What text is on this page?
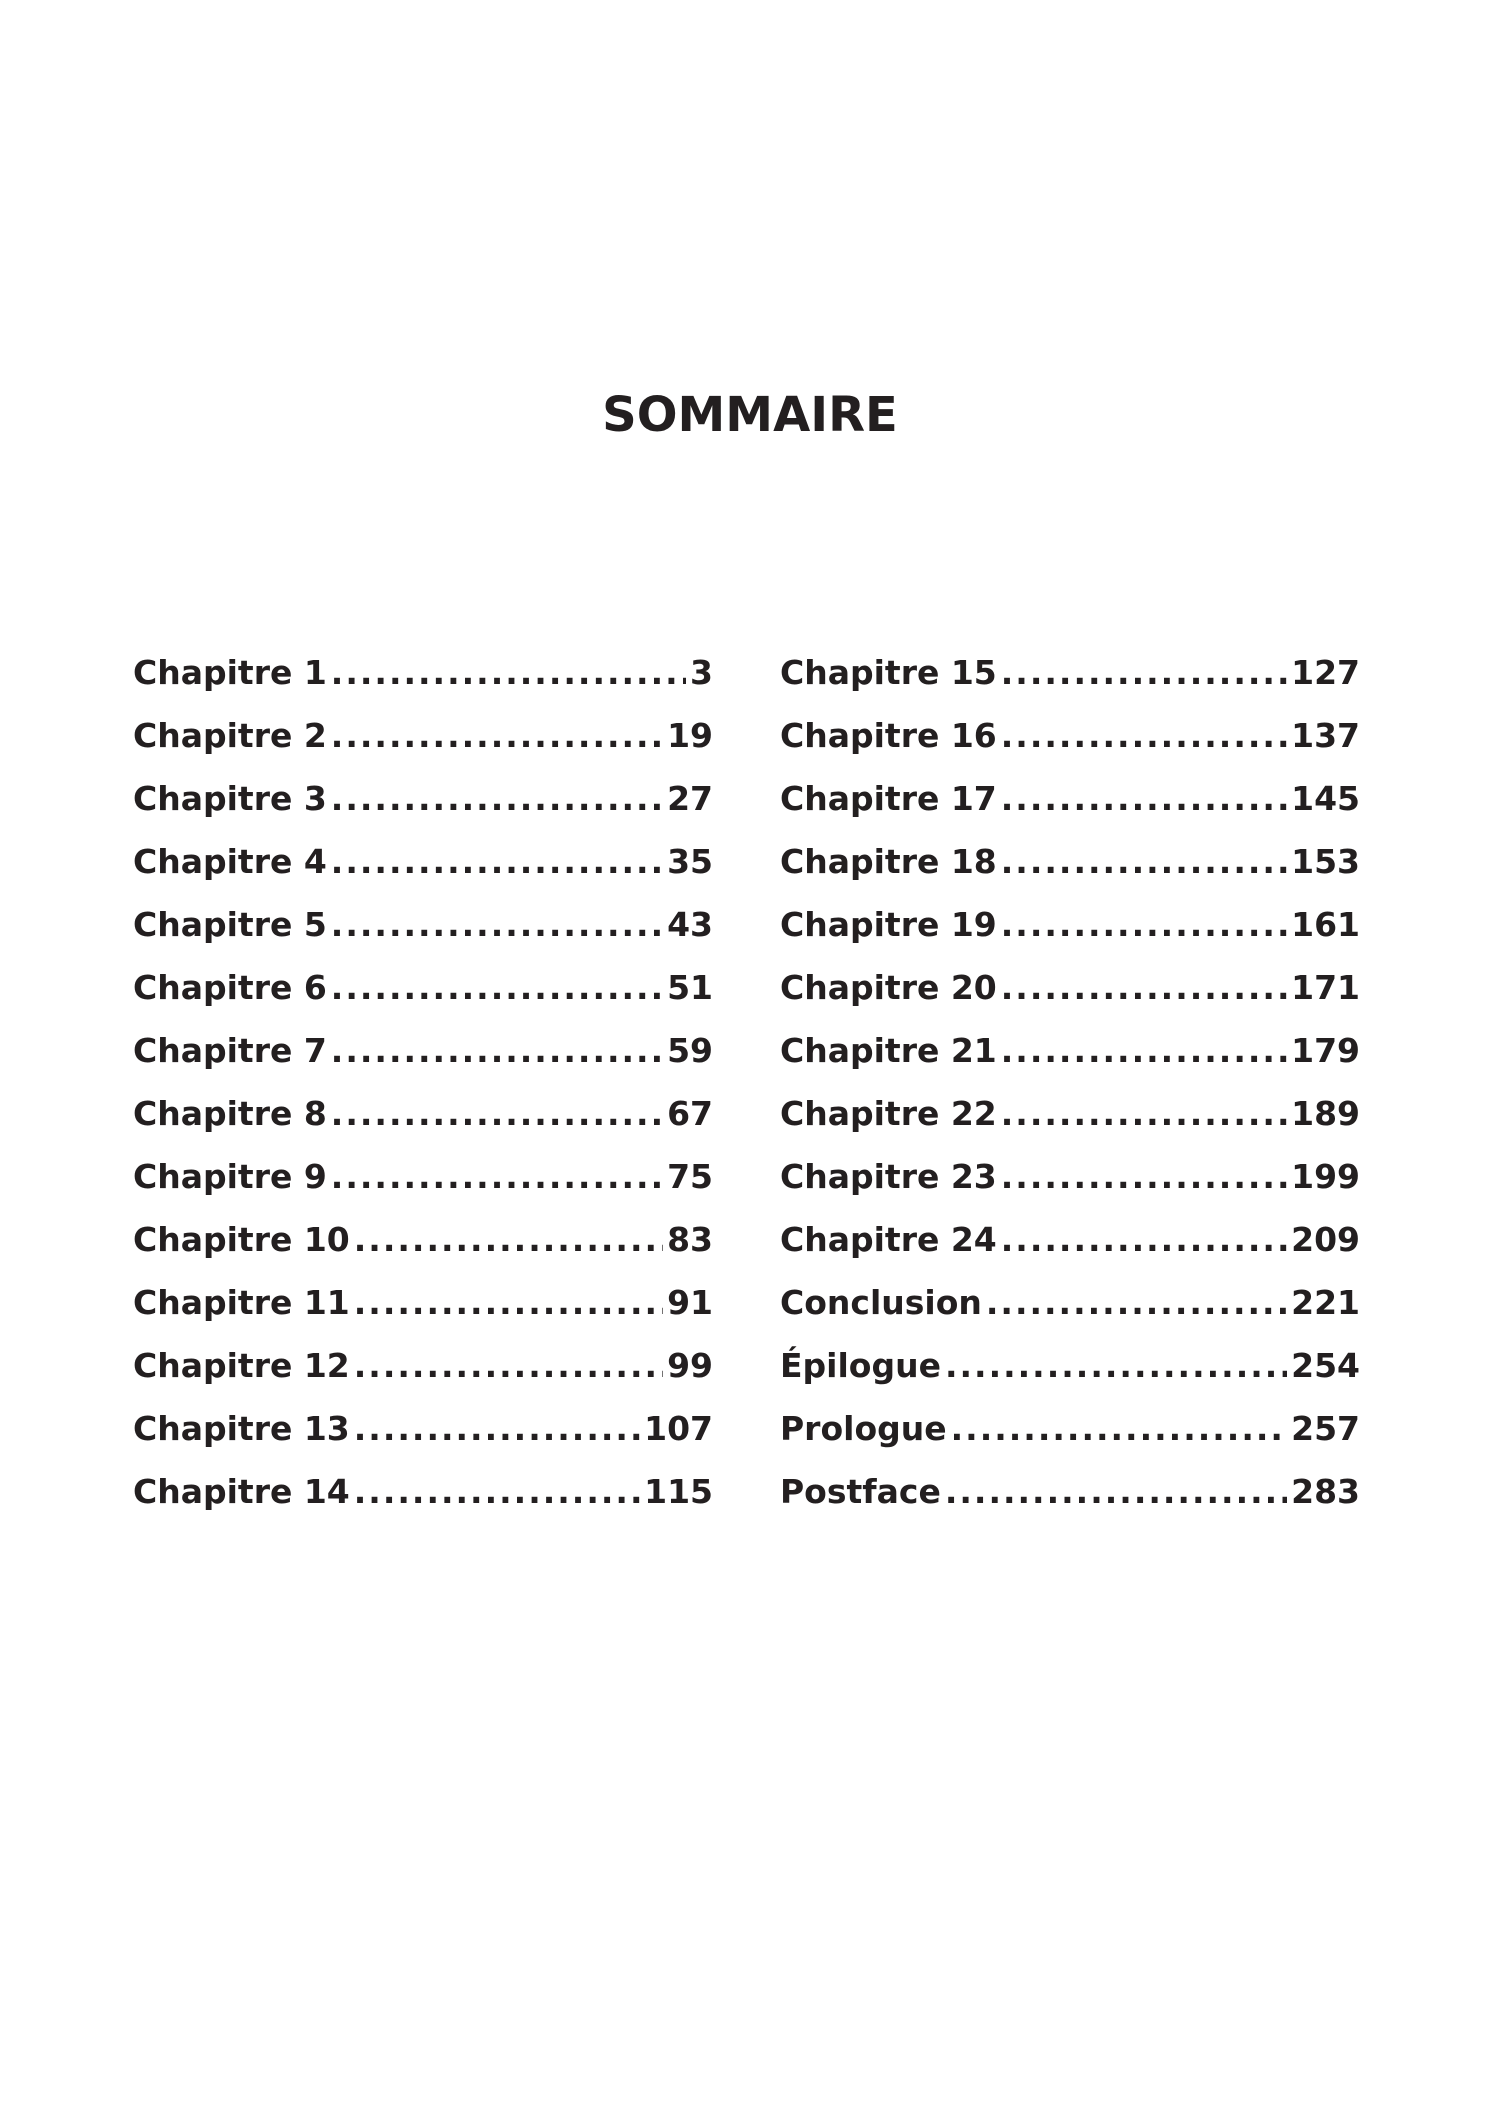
SOMMAIRE
Chapitre 1 .....	3
Chapitre 2 .....	19
Chapitre 3 .....	27
Chapitre 4 .....	35
Chapitre 5 .....	43
Chapitre 6 .....	51
Chapitre 7 .....	59
Chapitre 8 .....	67
Chapitre 9 .....	75
Chapitre 10 .....	83
Chapitre 11 .....	91
Chapitre 12 .....	99
Chapitre 13 .....	107
Chapitre 14 .....	115
Chapitre 15 .....	127
Chapitre 16 .....	137
Chapitre 17 .....	145
Chapitre 18 .....	153
Chapitre 19 .....	161
Chapitre 20 .....	171
Chapitre 21 .....	179
Chapitre 22 .....	189
Chapitre 23 .....	199
Chapitre 24 .....	209
Conclusion .....	221
Épilogue .....	254
Prologue .....	257
Postface .....	283
